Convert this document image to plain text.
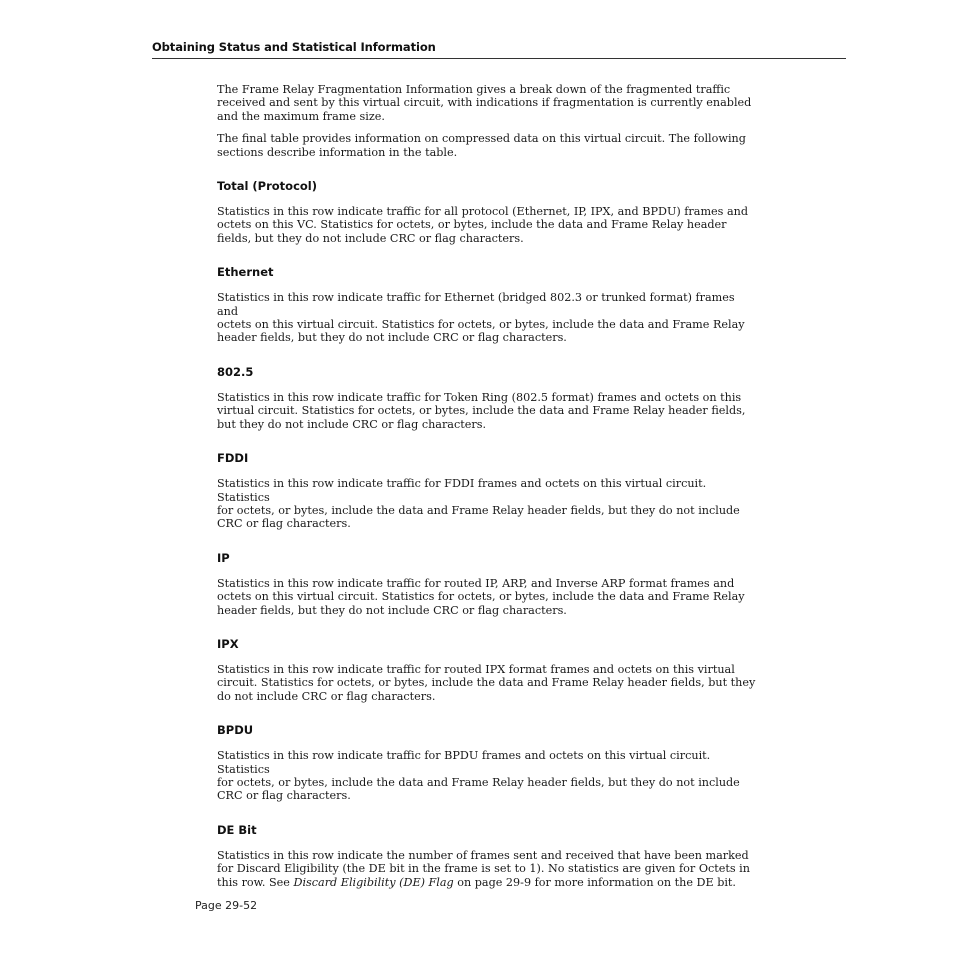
Obtaining Status and Statistical Information

The Frame Relay Fragmentation Information gives a break down of the fragmented traffic
received and sent by this virtual circuit, with indications if fragmentation is currently enabled
and the maximum frame size.

The final table provides information on compressed data on this virtual circuit. The following
sections describe information in the table.

Total (Protocol)

Statistics in this row indicate traffic for all protocol (Ethernet, IP, IPX, and BPDU) frames and
octets on this VC. Statistics for octets, or bytes, include the data and Frame Relay header
fields, but they do not include CRC or flag characters.

Ethernet

Statistics in this row indicate traffic for Ethernet (bridged 802.3 or trunked format) frames and
octets on this virtual circuit. Statistics for octets, or bytes, include the data and Frame Relay
header fields, but they do not include CRC or flag characters.

802.5

Statistics in this row indicate traffic for Token Ring (802.5 format) frames and octets on this
virtual circuit. Statistics for octets, or bytes, include the data and Frame Relay header fields,
but they do not include CRC or flag characters.

FDDI

Statistics in this row indicate traffic for FDDI frames and octets on this virtual circuit. Statistics
for octets, or bytes, include the data and Frame Relay header fields, but they do not include
CRC or flag characters.

IP

Statistics in this row indicate traffic for routed IP, ARP, and Inverse ARP format frames and
octets on this virtual circuit. Statistics for octets, or bytes, include the data and Frame Relay
header fields, but they do not include CRC or flag characters.

IPX

Statistics in this row indicate traffic for routed IPX format frames and octets on this virtual
circuit. Statistics for octets, or bytes, include the data and Frame Relay header fields, but they
do not include CRC or flag characters.

BPDU

Statistics in this row indicate traffic for BPDU frames and octets on this virtual circuit. Statistics
for octets, or bytes, include the data and Frame Relay header fields, but they do not include
CRC or flag characters.

DE Bit

Statistics in this row indicate the number of frames sent and received that have been marked
for Discard Eligibility (the DE bit in the frame is set to 1). No statistics are given for Octets in
this row. See Discard Eligibility (DE) Flag on page 29-9 for more information on the DE bit.

Page 29-52
